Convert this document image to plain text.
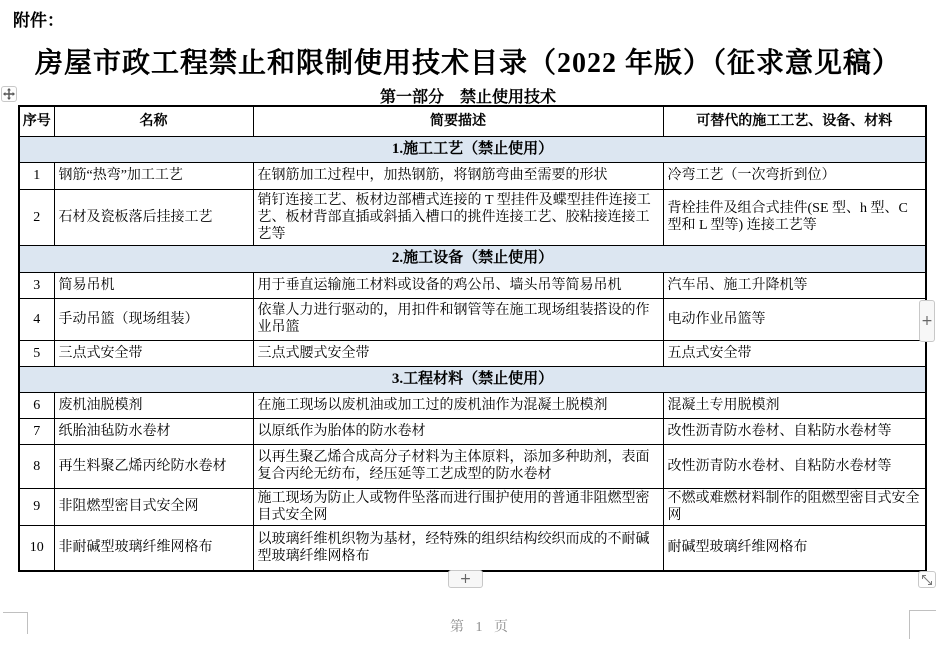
附件：
房屋市政工程禁止和限制使用技术目录（2022 年版）（征求意见稿）
第一部分　禁止使用技术
序号	名称	简要描述	可替代的施工工艺、设备、材料
1.施工工艺（禁止使用）			
1	钢筋“热弯”加工工艺	在钢筋加工过程中，加热钢筋，将钢筋弯曲至需要的形状	冷弯工艺（一次弯折到位）
2	石材及瓷板落后挂接工艺	销钉连接工艺、板材边部槽式连接的 T 型挂件及蝶型挂件连接工艺、板材背部直插或斜插入槽口的挑件连接工艺、胶粘接连接工艺等	背栓挂件及组合式挂件(SE 型、h 型、C 型和 L 型等) 连接工艺等
2.施工设备（禁止使用）			
3	简易吊机	用于垂直运输施工材料或设备的鸡公吊、墙头吊等简易吊机	汽车吊、施工升降机等
4	手动吊篮（现场组装）	依靠人力进行驱动的，用扣件和钢管等在施工现场组装搭设的作业吊篮	电动作业吊篮等
5	三点式安全带	三点式腰式安全带	五点式安全带
3.工程材料（禁止使用）			
6	废机油脱模剂	在施工现场以废机油或加工过的废机油作为混凝土脱模剂	混凝土专用脱模剂
7	纸胎油毡防水卷材	以原纸作为胎体的防水卷材	改性沥青防水卷材、自粘防水卷材等
8	再生料聚乙烯丙纶防水卷材	以再生聚乙烯合成高分子材料为主体原料，添加多种助剂，表面复合丙纶无纺布，经压延等工艺成型的防水卷材	改性沥青防水卷材、自粘防水卷材等
9	非阻燃型密目式安全网	施工现场为防止人或物件坠落而进行围护使用的普通非阻燃型密目式安全网	不燃或难燃材料制作的阻燃型密目式安全网
10	非耐碱型玻璃纤维网格布	以玻璃纤维机织物为基材，经特殊的组织结构绞织而成的不耐碱型玻璃纤维网格布	耐碱型玻璃纤维网格布
+
+
第 1 页
